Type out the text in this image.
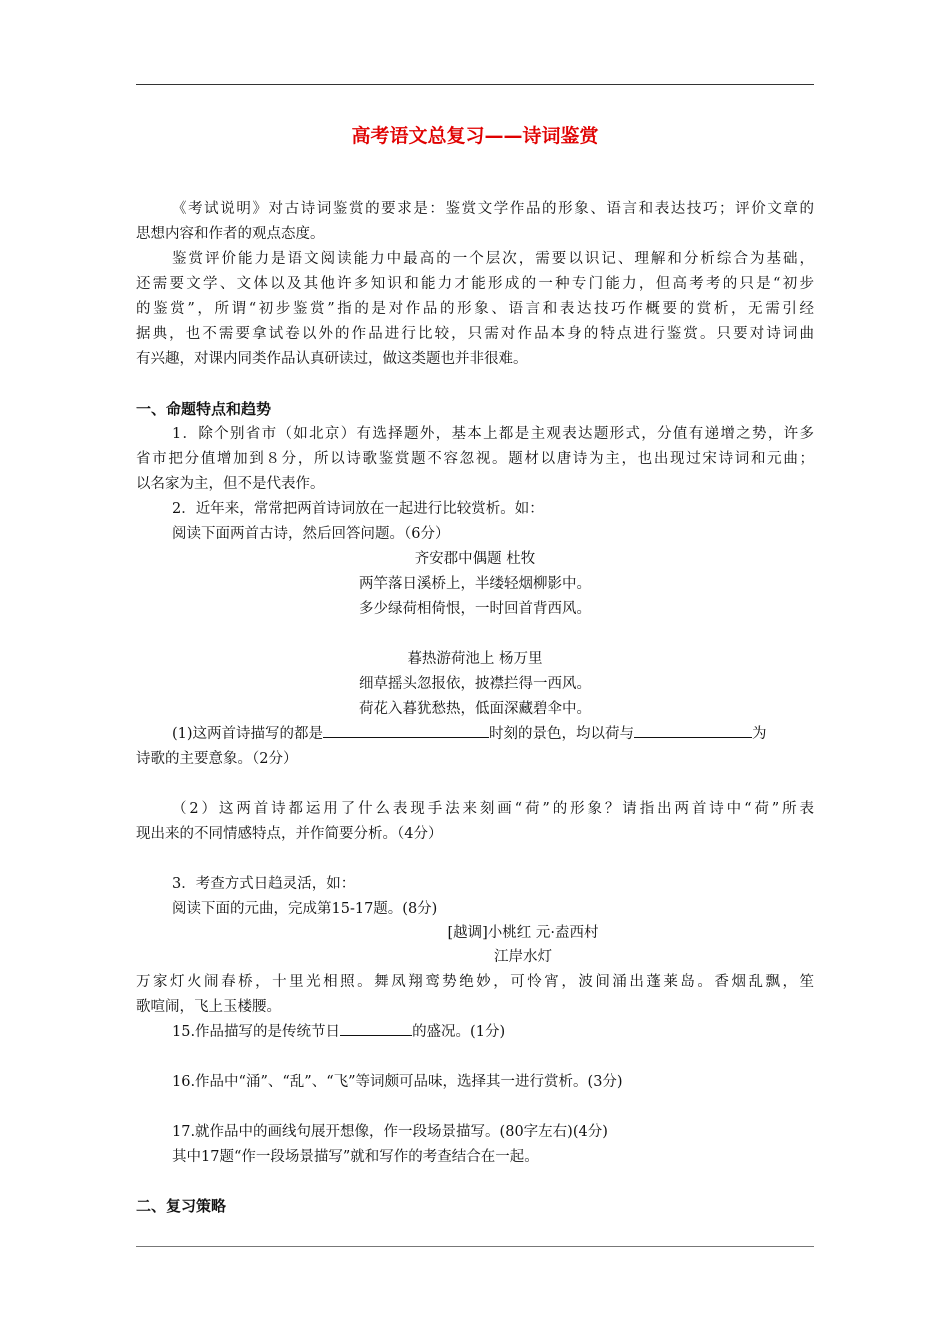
高考语文总复习——诗词鉴赏
《考试说明》对古诗词鉴赏的要求是：鉴赏文学作品的形象、语言和表达技巧；评价文章的
思想内容和作者的观点态度。
鉴赏评价能力是语文阅读能力中最高的一个层次，需要以识记、理解和分析综合为基础，
还需要文学、文体以及其他许多知识和能力才能形成的一种专门能力，但高考考的只是“初步
的鉴赏”，所谓“初步鉴赏”指的是对作品的形象、语言和表达技巧作概要的赏析，无需引经
据典，也不需要拿试卷以外的作品进行比较，只需对作品本身的特点进行鉴赏。只要对诗词曲
有兴趣，对课内同类作品认真研读过，做这类题也并非很难。
一、命题特点和趋势
1．除个别省市（如北京）有选择题外，基本上都是主观表达题形式，分值有递增之势，许多
省市把分值增加到８分，所以诗歌鉴赏题不容忽视。题材以唐诗为主，也出现过宋诗词和元曲；
以名家为主，但不是代表作。
2．近年来，常常把两首诗词放在一起进行比较赏析。如：
阅读下面两首古诗，然后回答问题。（6分）
齐安郡中偶题 杜牧
两竿落日溪桥上，半缕轻烟柳影中。
多少绿荷相倚恨，一时回首背西风。
暮热游荷池上 杨万里
细草摇头忽报依，披襟拦得一西风。
荷花入暮犹愁热，低面深藏碧伞中。
(1)这两首诗描写的都是	时刻的景色，均以荷与	为
诗歌的主要意象。（2分）
（2）这两首诗都运用了什么表现手法来刻画“荷”的形象？请指出两首诗中“荷”所表
现出来的不同情感特点，并作简要分析。（4分）
3．考查方式日趋灵活，如：
阅读下面的元曲，完成第15-17题。(8分)
[越调]小桃红 元·盍西村
江岸水灯
万家灯火闹春桥，十里光相照。舞凤翔鸾势绝妙，可怜宵，波间涌出蓬莱岛。香烟乱飘，笙
歌喧闹，飞上玉楼腰。
15.作品描写的是传统节日	的盛况。(1分)
16.作品中“涌”、“乱”、“飞”等词颇可品味，选择其一进行赏析。(3分)
17.就作品中的画线句展开想像，作一段场景描写。(80字左右)(4分)
其中17题“作一段场景描写”就和写作的考查结合在一起。
二、复习策略
